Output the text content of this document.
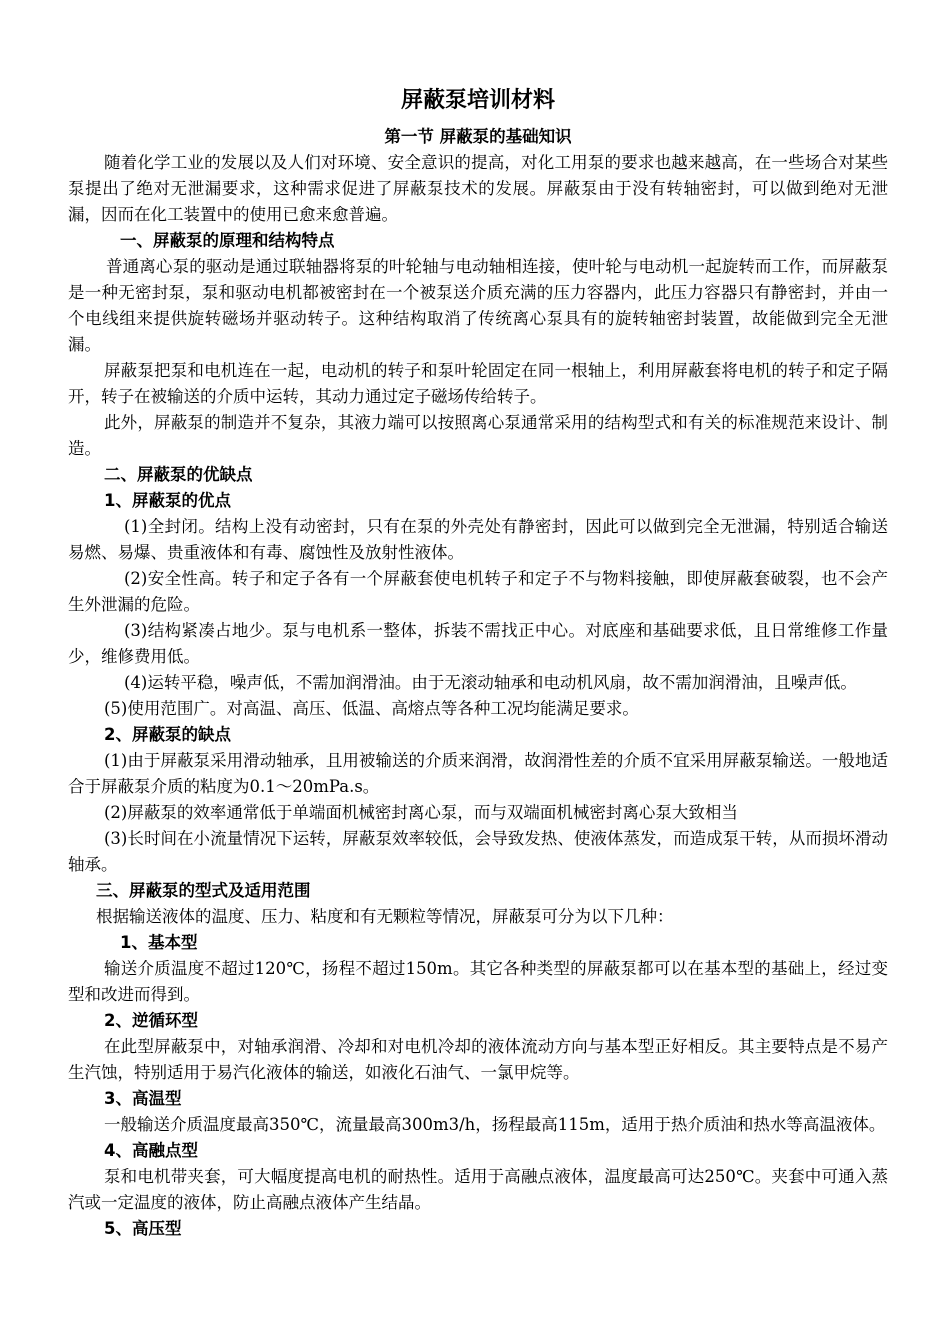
屏蔽泵培训材料
第一节 屏蔽泵的基础知识

随着化学工业的发展以及人们对环境、安全意识的提高，对化工用泵的要求也越来越高，在一些场合对某些泵提出了绝对无泄漏要求，这种需求促进了屏蔽泵技术的发展。屏蔽泵由于没有转轴密封，可以做到绝对无泄漏，因而在化工装置中的使用已愈来愈普遍。

一、屏蔽泵的原理和结构特点

普通离心泵的驱动是通过联轴器将泵的叶轮轴与电动轴相连接，使叶轮与电动机一起旋转而工作，而屏蔽泵是一种无密封泵，泵和驱动电机都被密封在一个被泵送介质充满的压力容器内，此压力容器只有静密封，并由一个电线组来提供旋转磁场并驱动转子。这种结构取消了传统离心泵具有的旋转轴密封装置，故能做到完全无泄漏。

屏蔽泵把泵和电机连在一起，电动机的转子和泵叶轮固定在同一根轴上，利用屏蔽套将电机的转子和定子隔开，转子在被输送的介质中运转，其动力通过定子磁场传给转子。

此外，屏蔽泵的制造并不复杂，其液力端可以按照离心泵通常采用的结构型式和有关的标准规范来设计、制造。

二、屏蔽泵的优缺点
1、屏蔽泵的优点

(1)全封闭。结构上没有动密封，只有在泵的外壳处有静密封，因此可以做到完全无泄漏，特别适合输送易燃、易爆、贵重液体和有毒、腐蚀性及放射性液体。

(2)安全性高。转子和定子各有一个屏蔽套使电机转子和定子不与物料接触，即使屏蔽套破裂，也不会产生外泄漏的危险。

(3)结构紧凑占地少。泵与电机系一整体，拆装不需找正中心。对底座和基础要求低，且日常维修工作量少，维修费用低。

(4)运转平稳，噪声低，不需加润滑油。由于无滚动轴承和电动机风扇，故不需加润滑油，且噪声低。

(5)使用范围广。对高温、高压、低温、高熔点等各种工况均能满足要求。

2、屏蔽泵的缺点

(1)由于屏蔽泵采用滑动轴承，且用被输送的介质来润滑，故润滑性差的介质不宜采用屏蔽泵输送。一般地适合于屏蔽泵介质的粘度为0.1～20mPa.s。

(2)屏蔽泵的效率通常低于单端面机械密封离心泵，而与双端面机械密封离心泵大致相当

(3)长时间在小流量情况下运转，屏蔽泵效率较低，会导致发热、使液体蒸发，而造成泵干转，从而损坏滑动轴承。

三、屏蔽泵的型式及适用范围

根据输送液体的温度、压力、粘度和有无颗粒等情况，屏蔽泵可分为以下几种：

1、基本型

输送介质温度不超过120℃，扬程不超过150m。其它各种类型的屏蔽泵都可以在基本型的基础上，经过变型和改进而得到。

2、逆循环型

在此型屏蔽泵中，对轴承润滑、冷却和对电机冷却的液体流动方向与基本型正好相反。其主要特点是不易产生汽蚀，特别适用于易汽化液体的输送，如液化石油气、一氯甲烷等。

3、高温型

一般输送介质温度最高350℃，流量最高300m3/h，扬程最高115m，适用于热介质油和热水等高温液体。

4、高融点型

泵和电机带夹套，可大幅度提高电机的耐热性。适用于高融点液体，温度最高可达250℃。夹套中可通入蒸汽或一定温度的液体，防止高融点液体产生结晶。

5、高压型
